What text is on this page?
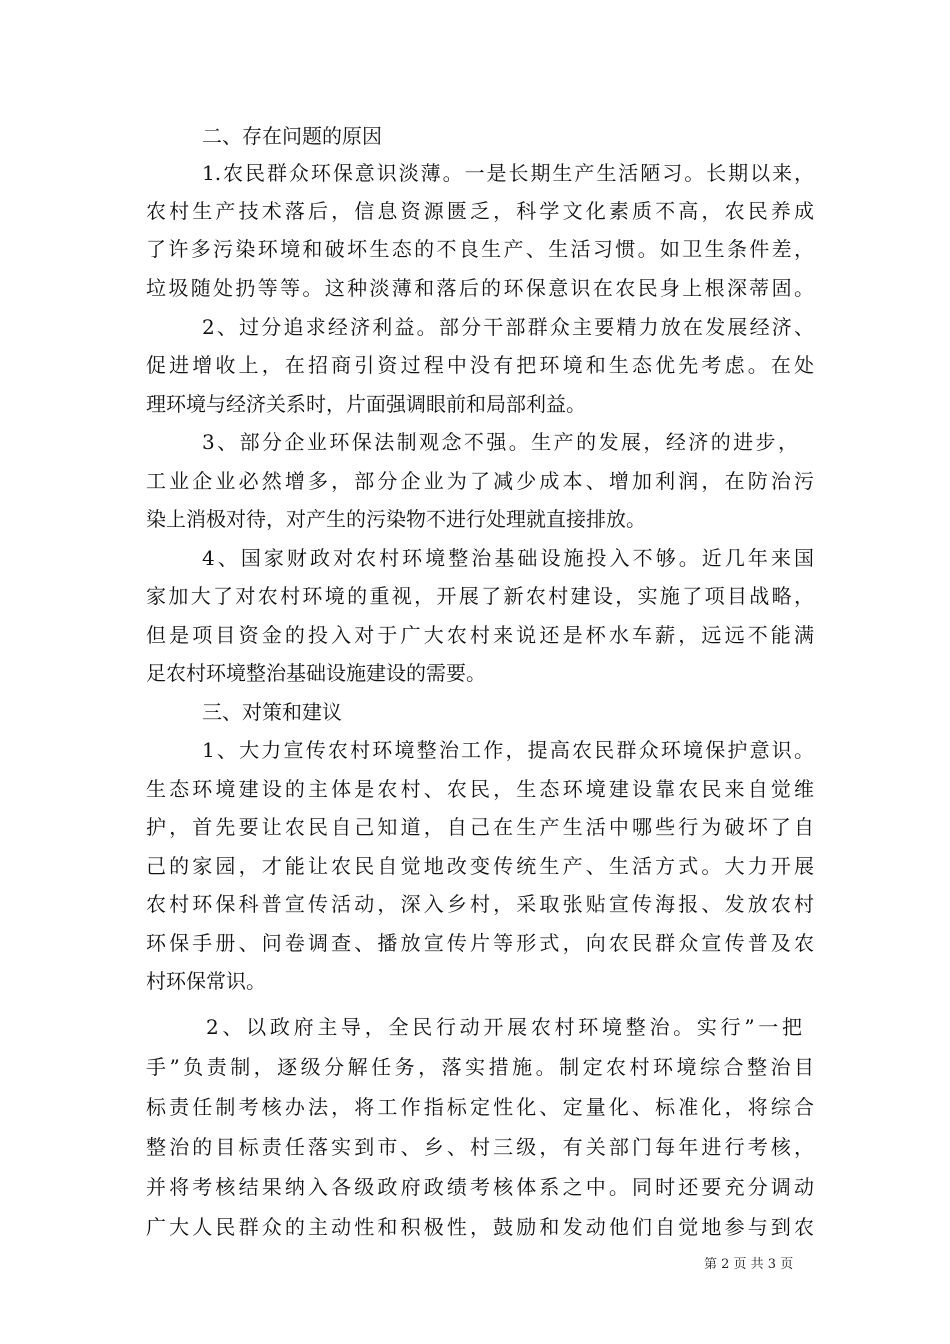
二、存在问题的原因
1.农民群众环保意识淡薄。一是长期生产生活陋习。长期以来，
农村生产技术落后，信息资源匮乏，科学文化素质不高，农民养成
了许多污染环境和破坏生态的不良生产、生活习惯。如卫生条件差，
垃圾随处扔等等。这种淡薄和落后的环保意识在农民身上根深蒂固。
2、过分追求经济利益。部分干部群众主要精力放在发展经济、
促进增收上，在招商引资过程中没有把环境和生态优先考虑。在处
理环境与经济关系时，片面强调眼前和局部利益。
3、部分企业环保法制观念不强。生产的发展，经济的进步，
工业企业必然增多，部分企业为了减少成本、增加利润，在防治污
染上消极对待，对产生的污染物不进行处理就直接排放。
4、国家财政对农村环境整治基础设施投入不够。近几年来国
家加大了对农村环境的重视，开展了新农村建设，实施了项目战略，
但是项目资金的投入对于广大农村来说还是杯水车薪，远远不能满
足农村环境整治基础设施建设的需要。
三、对策和建议
1、大力宣传农村环境整治工作，提高农民群众环境保护意识。
生态环境建设的主体是农村、农民，生态环境建设靠农民来自觉维
护，首先要让农民自己知道，自己在生产生活中哪些行为破坏了自
己的家园，才能让农民自觉地改变传统生产、生活方式。大力开展
农村环保科普宣传活动，深入乡村，采取张贴宣传海报、发放农村
环保手册、问卷调查、播放宣传片等形式，向农民群众宣传普及农
村环保常识。
2、以政府主导，全民行动开展农村环境整治。实行”一把
手”负责制，逐级分解任务，落实措施。制定农村环境综合整治目
标责任制考核办法，将工作指标定性化、定量化、标准化，将综合
整治的目标责任落实到市、乡、村三级，有关部门每年进行考核，
并将考核结果纳入各级政府政绩考核体系之中。同时还要充分调动
广大人民群众的主动性和积极性，鼓励和发动他们自觉地参与到农
第 2 页 共 3 页
